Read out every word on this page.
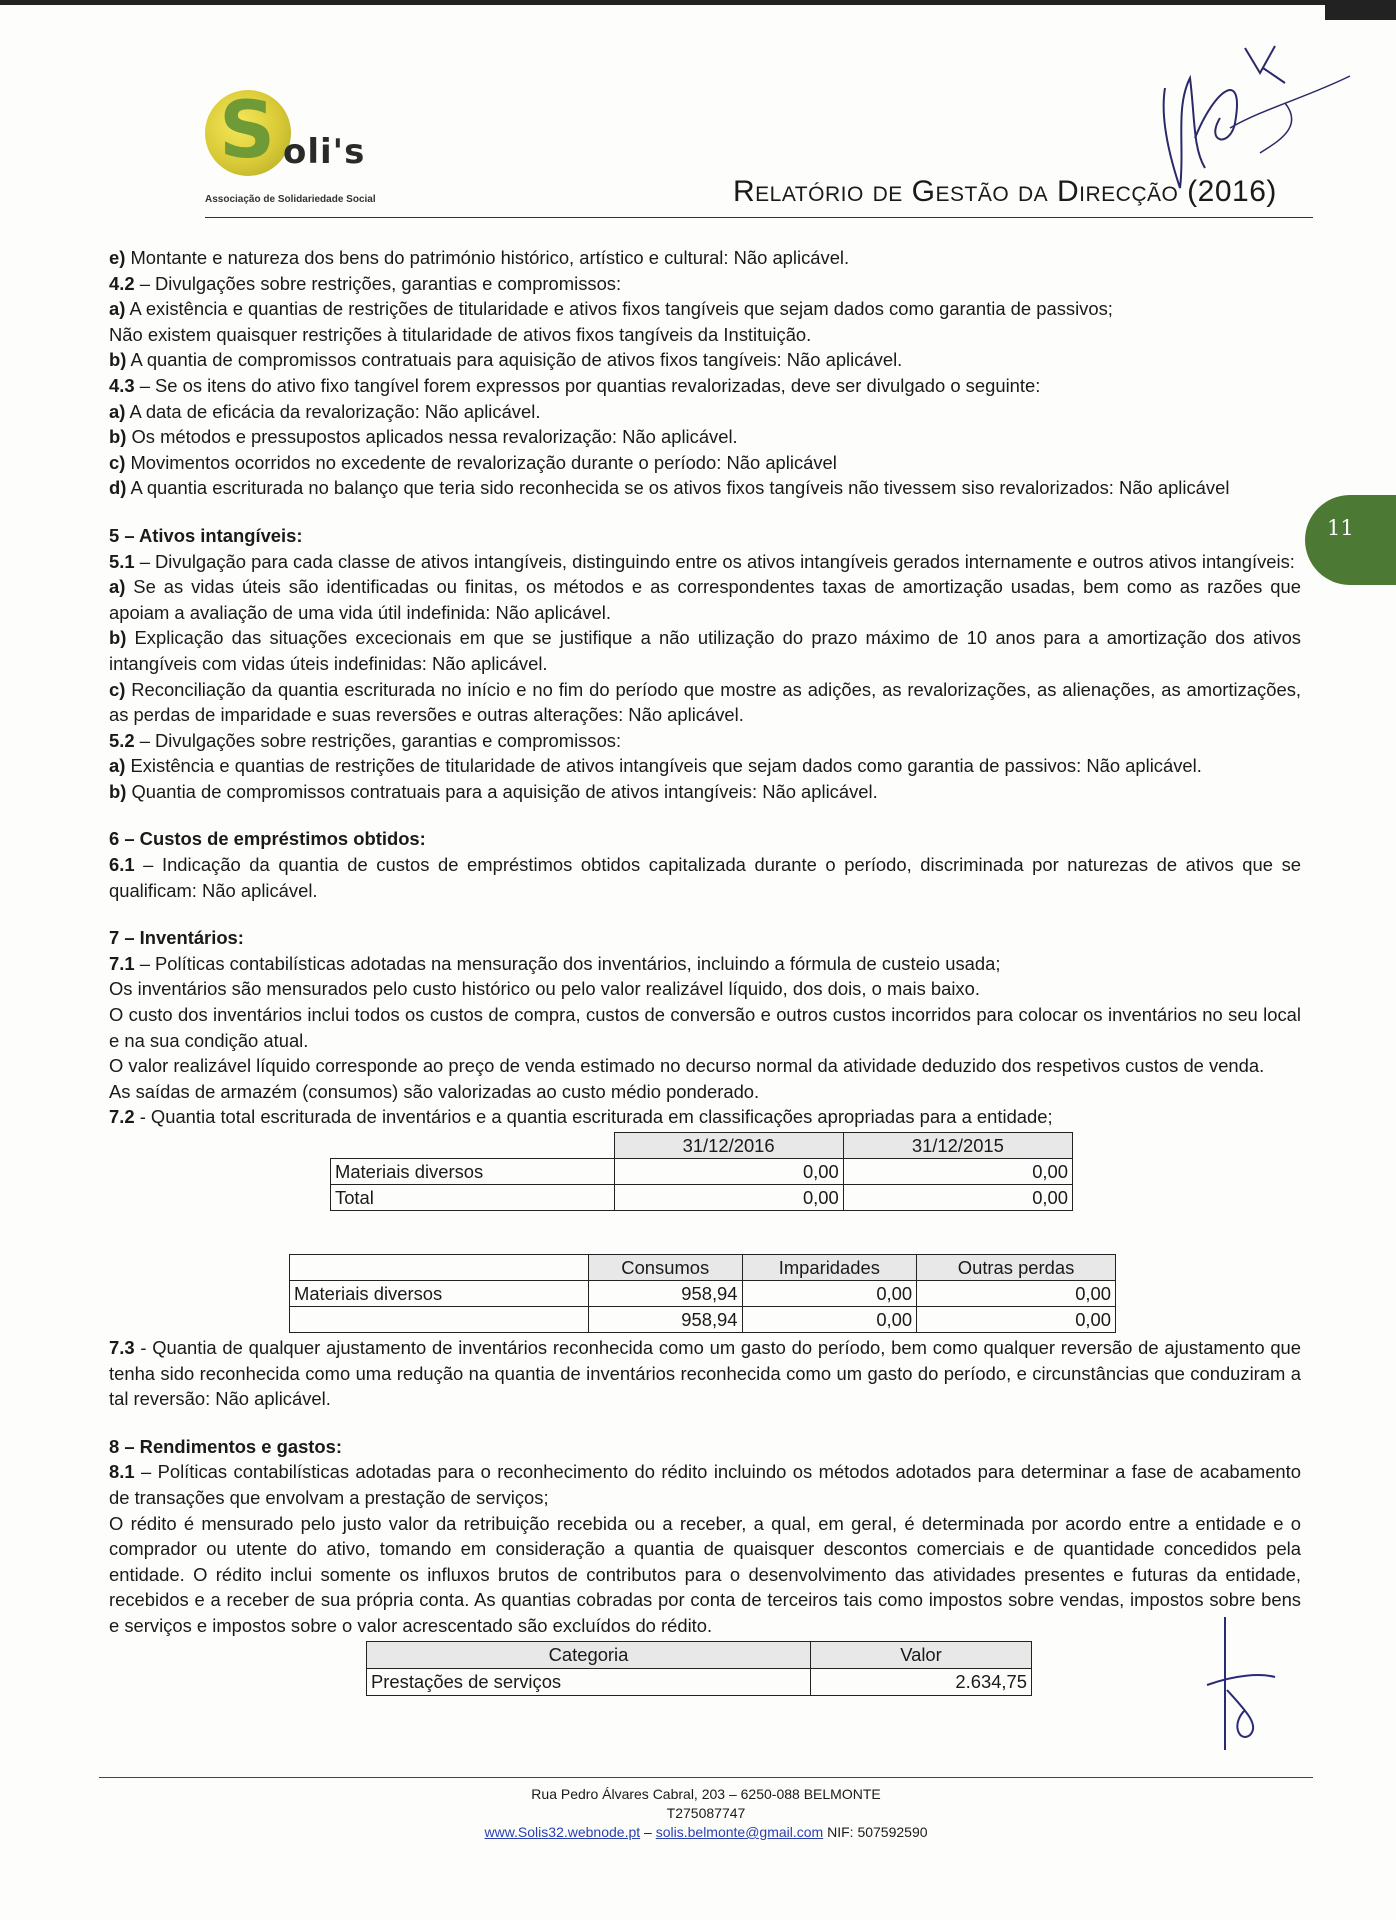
S oli's
Associação de Solidariedade Social	Relatório de Gestão da Direcção (2016)
11

e) Montante e natureza dos bens do património histórico, artístico e cultural: Não aplicável.

4.2 – Divulgações sobre restrições, garantias e compromissos:

a) A existência e quantias de restrições de titularidade e ativos fixos tangíveis que sejam dados como garantia de passivos;

Não existem quaisquer restrições à titularidade de ativos fixos tangíveis da Instituição.

b) A quantia de compromissos contratuais para aquisição de ativos fixos tangíveis: Não aplicável.

4.3 – Se os itens do ativo fixo tangível forem expressos por quantias revalorizadas, deve ser divulgado o seguinte:

a) A data de eficácia da revalorização: Não aplicável.

b) Os métodos e pressupostos aplicados nessa revalorização: Não aplicável.

c) Movimentos ocorridos no excedente de revalorização durante o período: Não aplicável

d) A quantia escriturada no balanço que teria sido reconhecida se os ativos fixos tangíveis não tivessem siso revalorizados: Não aplicável

5 – Ativos intangíveis:

5.1 – Divulgação para cada classe de ativos intangíveis, distinguindo entre os ativos intangíveis gerados internamente e outros ativos intangíveis:

a) Se as vidas úteis são identificadas ou finitas, os métodos e as correspondentes taxas de amortização usadas, bem como as razões que apoiam a avaliação de uma vida útil indefinida: Não aplicável.

b) Explicação das situações excecionais em que se justifique a não utilização do prazo máximo de 10 anos para a amortização dos ativos intangíveis com vidas úteis indefinidas: Não aplicável.

c) Reconciliação da quantia escriturada no início e no fim do período que mostre as adições, as revalorizações, as alienações, as amortizações, as perdas de imparidade e suas reversões e outras alterações: Não aplicável.

5.2 – Divulgações sobre restrições, garantias e compromissos:

a) Existência e quantias de restrições de titularidade de ativos intangíveis que sejam dados como garantia de passivos: Não aplicável.

b) Quantia de compromissos contratuais para a aquisição de ativos intangíveis: Não aplicável.

6 – Custos de empréstimos obtidos:

6.1 – Indicação da quantia de custos de empréstimos obtidos capitalizada durante o período, discriminada por naturezas de ativos que se qualificam: Não aplicável.

7 – Inventários:

7.1 – Políticas contabilísticas adotadas na mensuração dos inventários, incluindo a fórmula de custeio usada;

Os inventários são mensurados pelo custo histórico ou pelo valor realizável líquido, dos dois, o mais baixo.

O custo dos inventários inclui todos os custos de compra, custos de conversão e outros custos incorridos para colocar os inventários no seu local e na sua condição atual.

O valor realizável líquido corresponde ao preço de venda estimado no decurso normal da atividade deduzido dos respetivos custos de venda.

As saídas de armazém (consumos) são valorizadas ao custo médio ponderado.

7.2 - Quantia total escriturada de inventários e a quantia escriturada em classificações apropriadas para a entidade;

	31/12/2016	31/12/2015
Materiais diversos	0,00	0,00
Total	0,00	0,00
	Consumos	Imparidades	Outras perdas
Materiais diversos	958,94	0,00	0,00
	958,94	0,00	0,00

7.3 - Quantia de qualquer ajustamento de inventários reconhecida como um gasto do período, bem como qualquer reversão de ajustamento que tenha sido reconhecida como uma redução na quantia de inventários reconhecida como um gasto do período, e circunstâncias que conduziram a tal reversão: Não aplicável.

8 – Rendimentos e gastos:

8.1 – Políticas contabilísticas adotadas para o reconhecimento do rédito incluindo os métodos adotados para determinar a fase de acabamento de transações que envolvam a prestação de serviços;

O rédito é mensurado pelo justo valor da retribuição recebida ou a receber, a qual, em geral, é determinada por acordo entre a entidade e o comprador ou utente do ativo, tomando em consideração a quantia de quaisquer descontos comerciais e de quantidade concedidos pela entidade. O rédito inclui somente os influxos brutos de contributos para o desenvolvimento das atividades presentes e futuras da entidade, recebidos e a receber de sua própria conta. As quantias cobradas por conta de terceiros tais como impostos sobre vendas, impostos sobre bens e serviços e impostos sobre o valor acrescentado são excluídos do rédito.

Categoria	Valor
Prestações de serviços	2.634,75
Rua Pedro Álvares Cabral, 203 – 6250-088 BELMONTE
T275087747
www.Solis32.webnode.pt – solis.belmonte@gmail.com NIF: 507592590
